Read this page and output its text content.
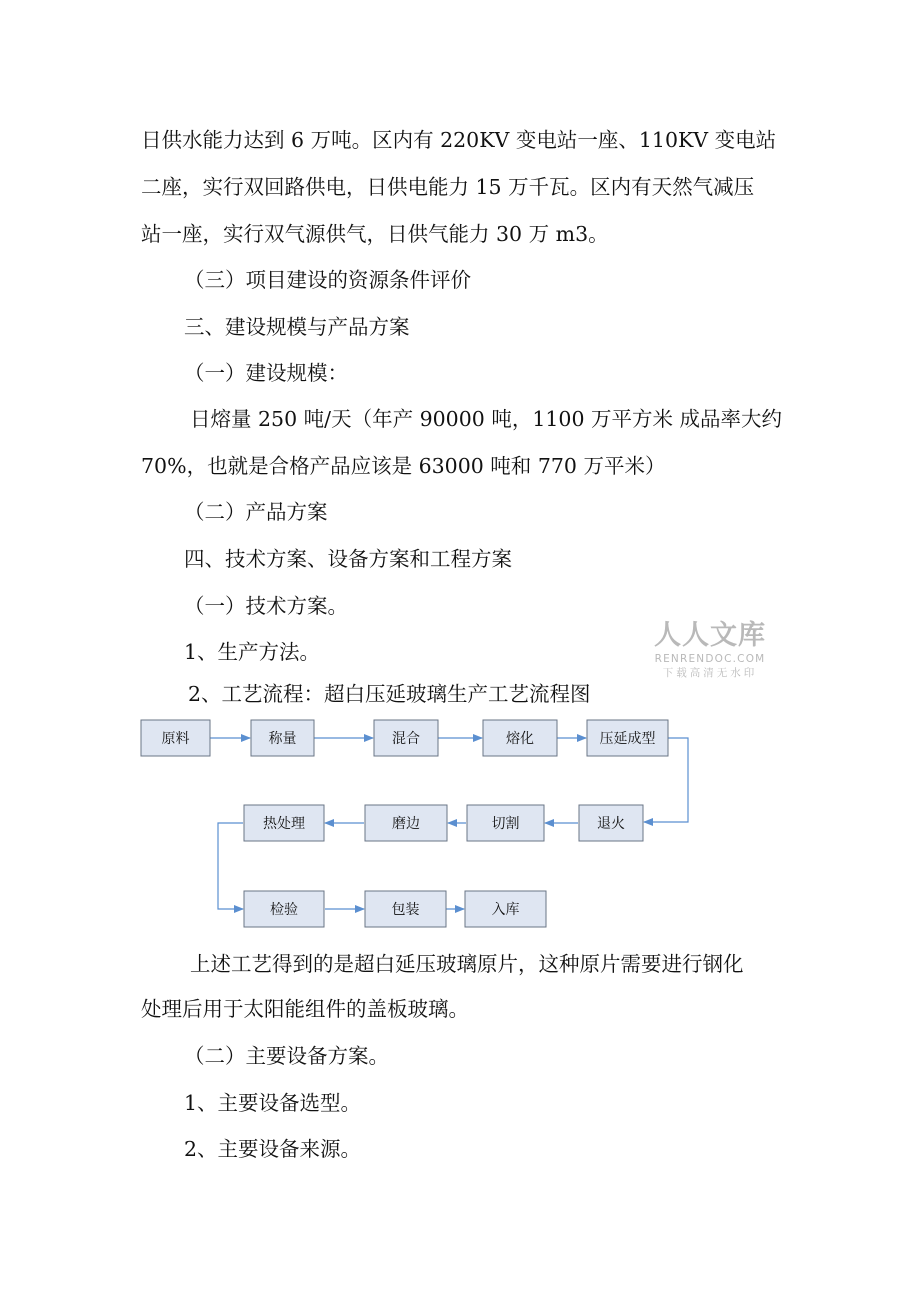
日供水能力达到 6 万吨。区内有 220KV 变电站一座、110KV 变电站
二座，实行双回路供电，日供电能力 15 万千瓦。区内有天然气减压
站一座，实行双气源供气，日供气能力 30 万 m3。
（三）项目建设的资源条件评价
三、建设规模与产品方案
（一）建设规模：
日熔量 250 吨/天（年产 90000 吨，1100 万平方米 成品率大约
70%，也就是合格产品应该是 63000 吨和 770 万平米）
（二）产品方案
四、技术方案、设备方案和工程方案
（一）技术方案。
1、生产方法。
2、工艺流程：超白压延玻璃生产工艺流程图
原料	称量	混合	熔化	压延成型
退火
切割
磨边
热处理
检验	包装	入库
人人文库
RENRENDOC.COM
下载高清无水印
上述工艺得到的是超白延压玻璃原片，这种原片需要进行钢化
处理后用于太阳能组件的盖板玻璃。
（二）主要设备方案。
1、主要设备选型。
2、主要设备来源。
